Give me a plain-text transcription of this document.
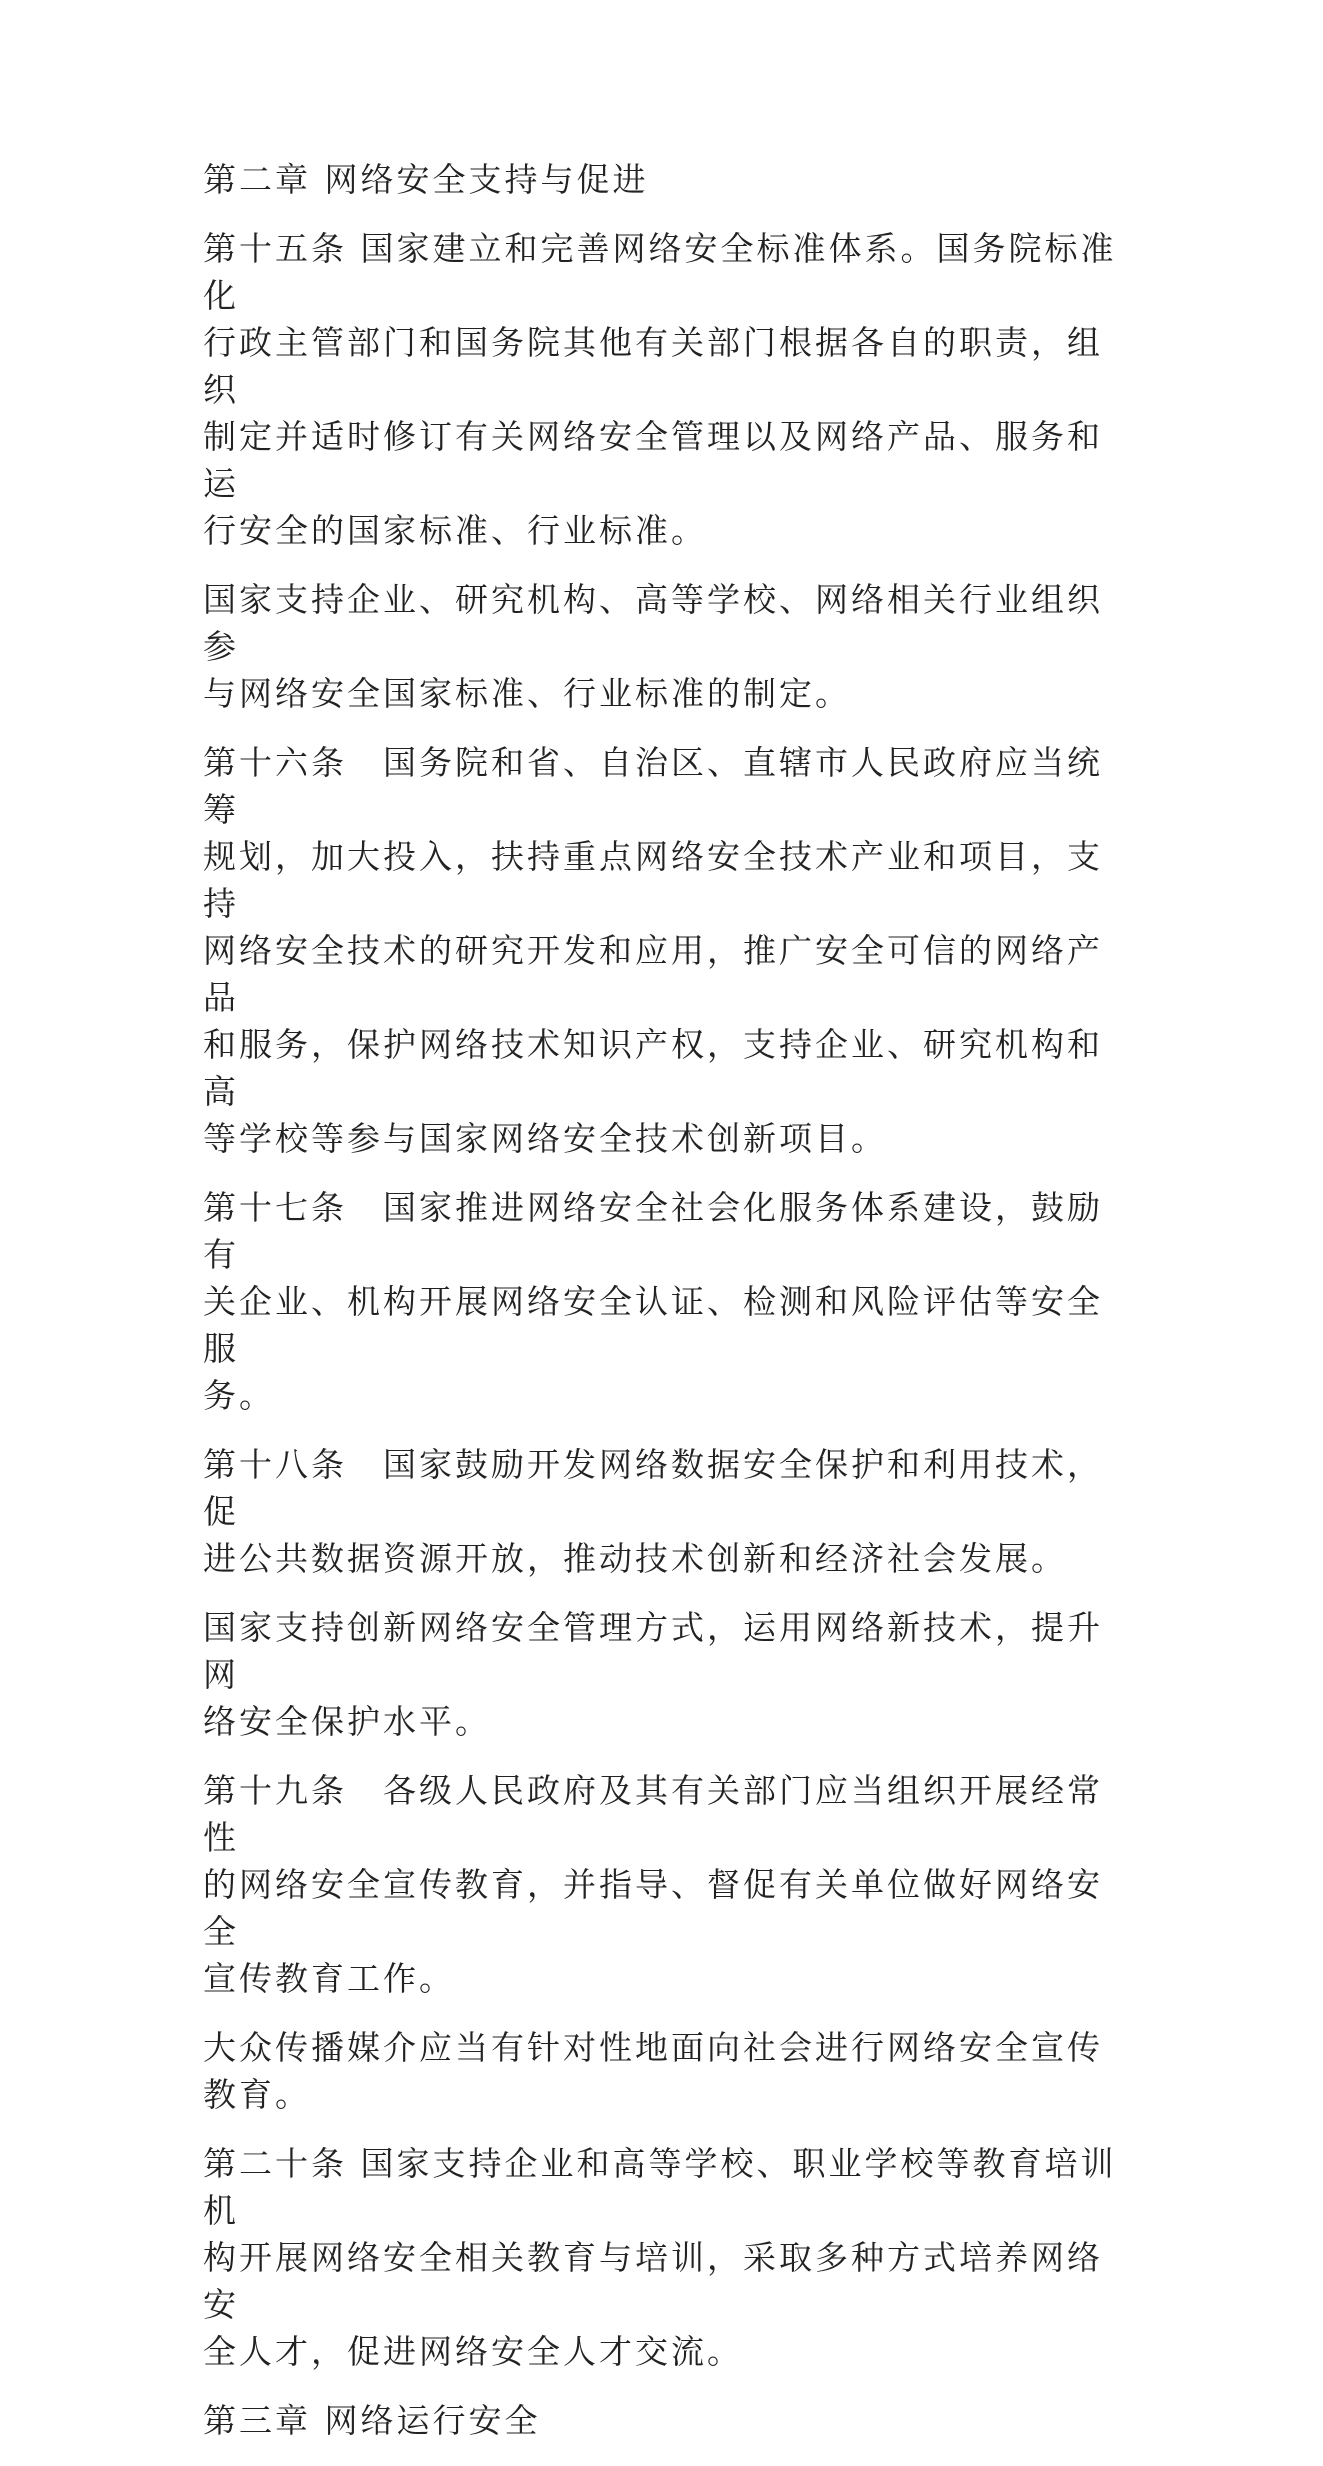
第二章 网络安全支持与促进

第十五条 国家建立和完善网络安全标准体系。国务院标准化
行政主管部门和国务院其他有关部门根据各自的职责，组织
制定并适时修订有关网络安全管理以及网络产品、服务和运
行安全的国家标准、行业标准。

国家支持企业、研究机构、高等学校、网络相关行业组织参
与网络安全国家标准、行业标准的制定。

第十六条　国务院和省、自治区、直辖市人民政府应当统筹
规划，加大投入，扶持重点网络安全技术产业和项目，支持
网络安全技术的研究开发和应用，推广安全可信的网络产品
和服务，保护网络技术知识产权，支持企业、研究机构和高
等学校等参与国家网络安全技术创新项目。

第十七条　国家推进网络安全社会化服务体系建设，鼓励有
关企业、机构开展网络安全认证、检测和风险评估等安全服
务。

第十八条　国家鼓励开发网络数据安全保护和利用技术，促
进公共数据资源开放，推动技术创新和经济社会发展。

国家支持创新网络安全管理方式，运用网络新技术，提升网
络安全保护水平。

第十九条　各级人民政府及其有关部门应当组织开展经常性
的网络安全宣传教育，并指导、督促有关单位做好网络安全
宣传教育工作。

大众传播媒介应当有针对性地面向社会进行网络安全宣传
教育。

第二十条 国家支持企业和高等学校、职业学校等教育培训机
构开展网络安全相关教育与培训，采取多种方式培养网络安
全人才，促进网络安全人才交流。

第三章 网络运行安全
